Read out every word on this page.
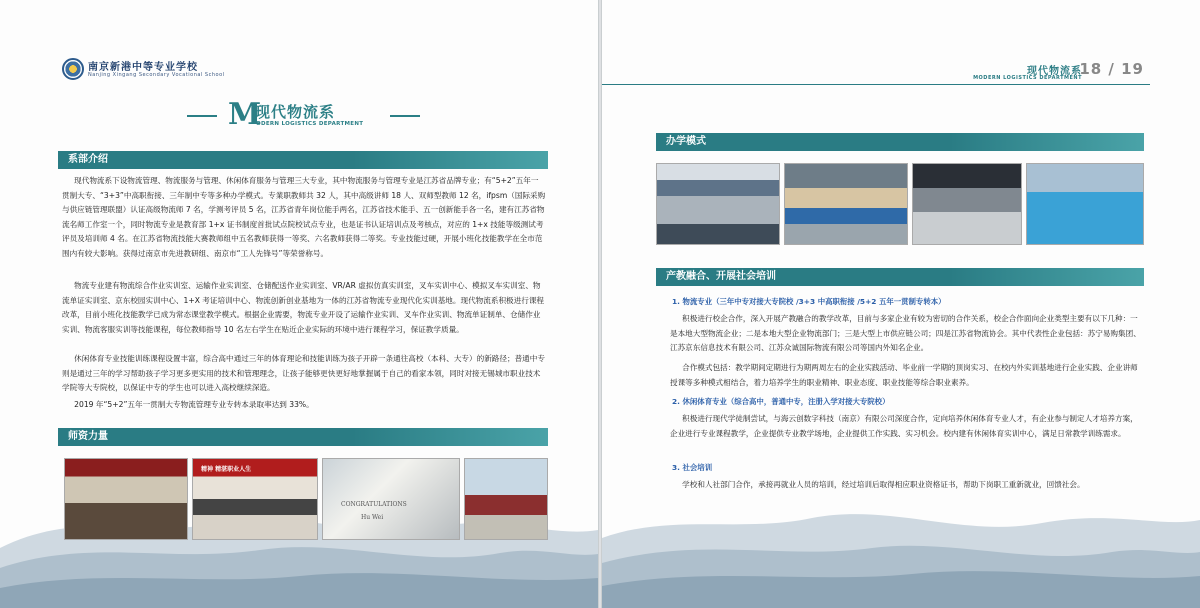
南京新港中等专业学校
Nanjing Xingang Secondary Vocational School
M
现代物流系
ODERN LOGISTICS DEPARTMENT
系部介绍

现代物流系下设物流管理、物流服务与管理、休闲体育服务与管理三大专业，其中物流服务与管理专业是江苏省品牌专业；有“5+2”五年一贯制大专、“3+3”中高职衔接、三年制中专等多种办学模式。专業职教师共 32 人，其中高级讲师 18 人、双师型教师 12 名，ifpsm（国际采购与供应链管理联盟）认证高级物流师 7 名，学测考评员 5 名，江苏省青年岗位能手两名，江苏省技术能手、五一创新能手各一名，建有江苏省物流名师工作室一个，同时物流专业是教育部 1+x 证书制度首批试点院校试点专业，也是证书认证培训点及考核点，对应的 1+x 技能等级测试考评员及培训师 4 名。在江苏省物流技能大赛教师组中五名教师获得一等奖、六名教师获得二等奖。专业技能过硬，开展小班化技能教学在全市范围内有较大影响。获得过南京市先进教研组、南京市“工人先锋号”等荣誉称号。

物流专业建有物流综合作业实训室、运输作业实训室、仓储配送作业实训室、VR/AR 虚拟仿真实训室，叉车实训中心、模拟叉车实训室、物流单证实训室、京东校园实训中心、1+X 考证培训中心、物流创新创业基地为一体的江苏省物流专业现代化实训基地。现代物流系积极进行课程改革，目前小班化技能教学已成为常态课堂教学模式。根据企业需要，物流专业开设了运输作业实训、叉车作业实训、物流单证制单、仓储作业实训、物流客服实训等技能课程，每位教师指导 10 名左右学生在贴近企业实际的环境中进行课程学习，保证教学质量。

休闲体育专业技能训练课程设置丰富，综合高中通过三年的体育理论和技能训练为孩子开辟一条通往高校（本科、大专）的新路径；普通中专则是通过三年的学习帮助孩子学习更多更实用的技术和管理理念，让孩子能够更快更好地掌握属于自己的看家本领，同时对接无锡城市职业技术学院等大专院校，以保证中专的学生也可以进入高校继续深造。

2019 年“5+2”五年一贯制大专物流管理专业专转本录取率达到 33%。

师资力量
精神 精湛职业人生
CONGRATULATIONS
Hu Wei
现代物流系
MODERN LOGISTICS DEPARTMENT
18 / 19
办学模式
产教融合、开展社会培训
1. 物流专业（三年中专对接大专院校 /3+3 中高职衔接 /5+2 五年一贯制专转本）

积极进行校企合作，深入开展产教融合的教学改革，目前与多家企业有较为密切的合作关系，校企合作面向企业类型主要有以下几种：一是本地大型物流企业；二是本地大型企业物流部门；三是大型上市供应链公司；四是江苏省物流协会。其中代表性企业包括：苏宁易购集团、江苏京东信息技术有限公司、江苏众诚国际物流有限公司等国内外知名企业。

合作模式包括：教学期间定期进行为期两周左右的企业实践活动、毕业前一学期的顶岗实习、在校内外实训基地进行企业实践、企业讲师授课等多种模式相结合，着力培养学生的职业精神、职业态度、职业技能等综合职业素养。

2. 休闲体育专业（综合高中，普通中专，注册入学对接大专院校）

积极进行现代学徒制尝试，与海云创数字科技（南京）有限公司深度合作，定向培养休闲体育专业人才，有企业参与制定人才培养方案，企业进行专业课程教学，企业提供专业教学场地，企业提供工作实践、实习机会。校内建有休闲体育实训中心，满足日常教学训练需求。

3. 社会培训

学校和人社部门合作，承接再就业人员的培训，经过培训后取得相应职业资格证书，帮助下岗职工重新就业，回馈社会。
